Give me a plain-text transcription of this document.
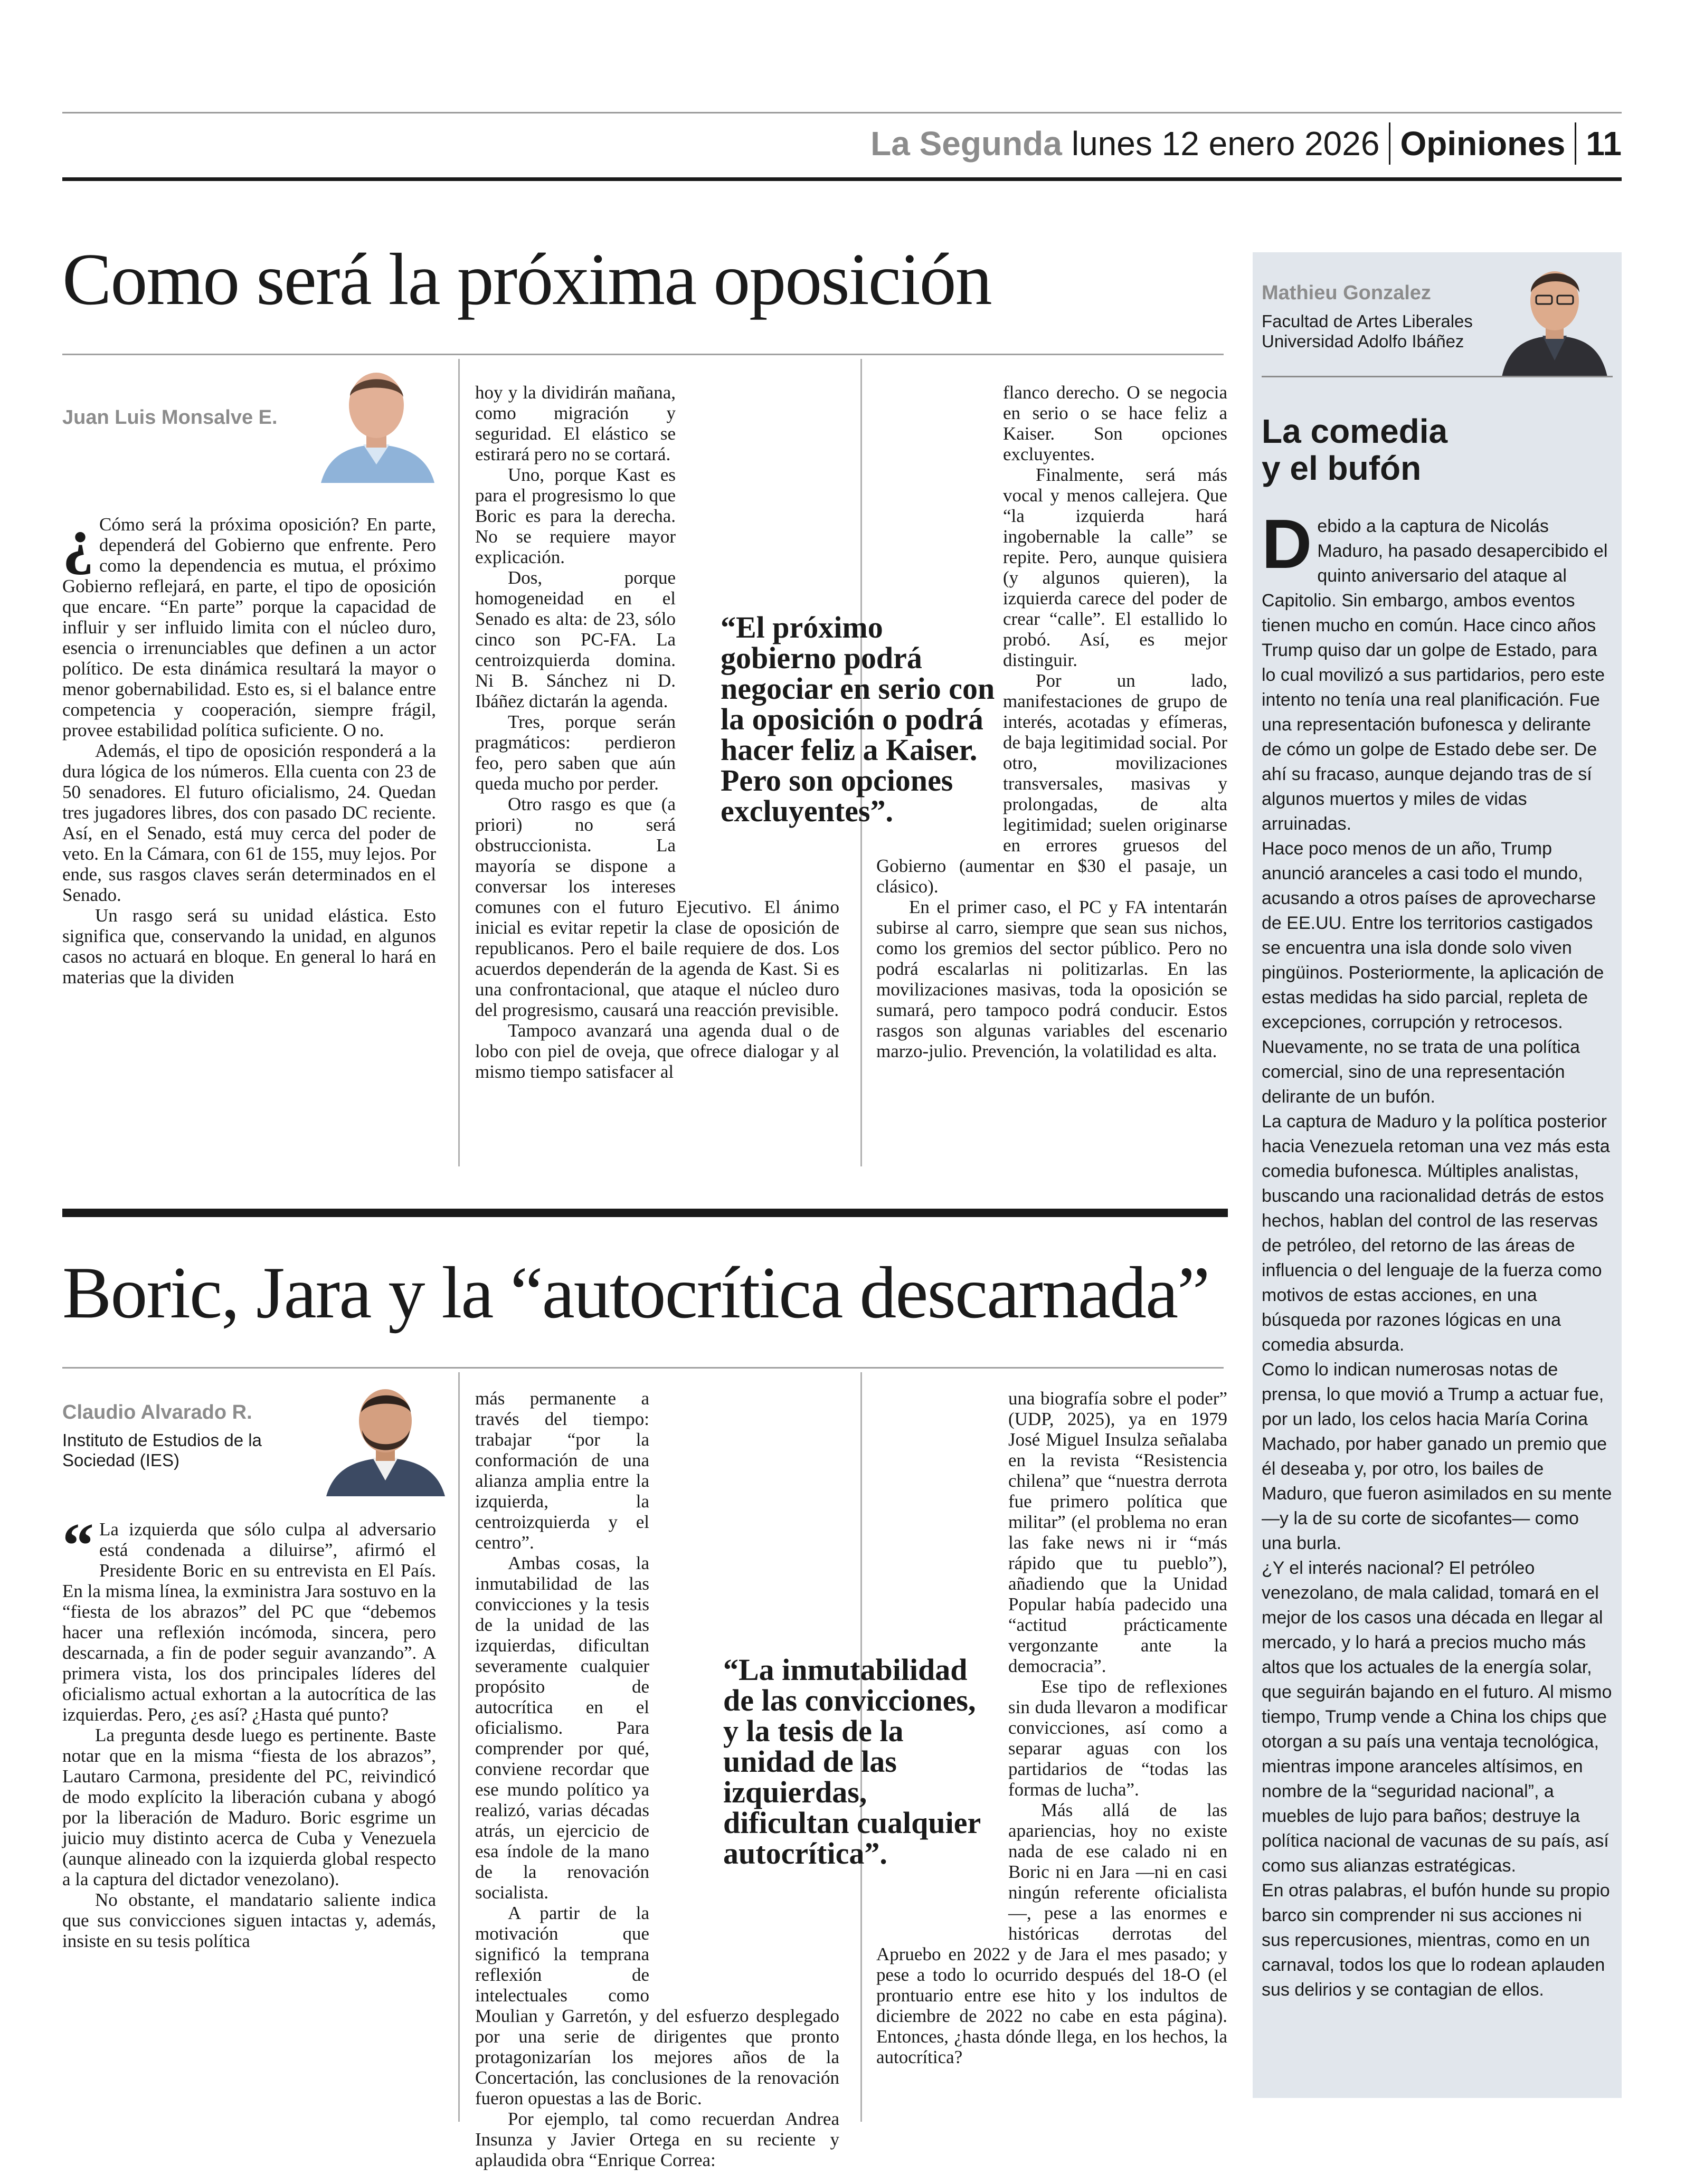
La Segunda lunes 12 enero 2026 Opiniones 11
Como será la próxima oposición
Juan Luis Monsalve E.
¿ Cómo será la próxima oposición? En parte, dependerá del Gobierno que enfrente. Pero como la dependencia es mutua, el próximo Gobierno reflejará, en parte, el tipo de oposición que encare. “En parte” porque la capacidad de influir y ser influido limita con el núcleo duro, esencia o irrenunciables que definen a un actor político. De esta dinámica resultará la mayor o menor gobernabilidad. Esto es, si el balance entre competencia y cooperación, siempre frágil, provee estabilidad política suficiente. O no.

Además, el tipo de oposición responderá a la dura lógica de los números. Ella cuenta con 23 de 50 senadores. El futuro oficialismo, 24. Quedan tres jugadores libres, dos con pasado DC reciente. Así, en el Senado, está muy cerca del poder de veto. En la Cámara, con 61 de 155, muy lejos. Por ende, sus rasgos claves serán determinados en el Senado.

Un rasgo será su unidad elástica. Esto significa que, conservando la unidad, en algunos casos no actuará en bloque. En general lo hará en materias que la dividen

hoy y la dividirán mañana, como migración y seguridad. El elástico se estirará pero no se cortará.

Uno, porque Kast es para el progresismo lo que Boric es para la derecha. No se requiere mayor explicación.

Dos, porque homogeneidad en el Senado es alta: de 23, sólo cinco son PC-FA. La centroizquierda domina. Ni B. Sánchez ni D. Ibáñez dictarán la agenda.

Tres, porque serán pragmáticos: perdieron feo, pero saben que aún queda mucho por perder.

Otro rasgo es que (a priori) no será obstruccionista. La mayoría se dispone a conversar los intereses comunes con el futuro Ejecutivo. El ánimo inicial es evitar repetir la clase de oposición de republicanos. Pero el baile requiere de dos. Los acuerdos dependerán de la agenda de Kast. Si es una confrontacional, que ataque el núcleo duro del progresismo, causará una reacción previsible.

Tampoco avanzará una agenda dual o de lobo con piel de oveja, que ofrece dialogar y al mismo tiempo satisfacer al

flanco derecho. O se negocia en serio o se hace feliz a Kaiser. Son opciones excluyentes.

Finalmente, será más vocal y menos callejera. Que “la izquierda hará ingobernable la calle” se repite. Pero, aunque quisiera (y algunos quieren), la izquierda carece del poder de crear “calle”. El estallido lo probó. Así, es mejor distinguir.

Por un lado, manifestaciones de grupo de interés, acotadas y efímeras, de baja legitimidad social. Por otro, movilizaciones transversales, masivas y prolongadas, de alta legitimidad; suelen originarse en errores gruesos del Gobierno (aumentar en $30 el pasaje, un clásico).

En el primer caso, el PC y FA intentarán subirse al carro, siempre que sean sus nichos, como los gremios del sector público. Pero no podrá escalarlas ni politizarlas. En las movilizaciones masivas, toda la oposición se sumará, pero tampoco podrá conducir. Estos rasgos son algunas variables del escenario marzo-julio. Prevención, la volatilidad es alta.

“El próximo gobierno podrá negociar en serio con la oposición o podrá hacer feliz a Kaiser. Pero son opciones excluyentes”.
Boric, Jara y la “autocrítica descarnada”
Claudio Alvarado R.
Instituto de Estudios de la
Sociedad (IES)
“ La izquierda que sólo culpa al adversario está condenada a diluirse”, afirmó el Presidente Boric en su entrevista en El País. En la misma línea, la exministra Jara sostuvo en la “fiesta de los abrazos” del PC que “debemos hacer una reflexión incómoda, sincera, pero descarnada, a fin de poder seguir avanzando”. A primera vista, los dos principales líderes del oficialismo actual exhortan a la autocrítica de las izquierdas. Pero, ¿es así? ¿Hasta qué punto?

La pregunta desde luego es pertinente. Baste notar que en la misma “fiesta de los abrazos”, Lautaro Carmona, presidente del PC, reivindicó de modo explícito la liberación cubana y abogó por la liberación de Maduro. Boric esgrime un juicio muy distinto acerca de Cuba y Venezuela (aunque alineado con la izquierda global respecto a la captura del dictador venezolano).

No obstante, el mandatario saliente indica que sus convicciones siguen intactas y, además, insiste en su tesis política

más permanente a través del tiempo: trabajar “por la conformación de una alianza amplia entre la izquierda, la centroizquierda y el centro”.

Ambas cosas, la inmutabilidad de las convicciones y la tesis de la unidad de las izquierdas, dificultan severamente cualquier propósito de autocrítica en el oficialismo. Para comprender por qué, conviene recordar que ese mundo político ya realizó, varias décadas atrás, un ejercicio de esa índole de la mano de la renovación socialista.

A partir de la motivación que significó la temprana reflexión de intelectuales como Moulian y Garretón, y del esfuerzo desplegado por una serie de dirigentes que pronto protagonizarían los mejores años de la Concertación, las conclusiones de la renovación fueron opuestas a las de Boric.

Por ejemplo, tal como recuerdan Andrea Insunza y Javier Ortega en su reciente y aplaudida obra “Enrique Correa:

una biografía sobre el poder” (UDP, 2025), ya en 1979 José Miguel Insulza señalaba en la revista “Resistencia chilena” que “nuestra derrota fue primero política que militar” (el problema no eran las fake news ni ir “más rápido que tu pueblo”), añadiendo que la Unidad Popular había padecido una “actitud prácticamente vergonzante ante la democracia”.

Ese tipo de reflexiones sin duda llevaron a modificar convicciones, así como a separar aguas con los partidarios de “todas las formas de lucha”.

Más allá de las apariencias, hoy no existe nada de ese calado ni en Boric ni en Jara —ni en casi ningún referente oficialista—, pese a las enormes e históricas derrotas del Apruebo en 2022 y de Jara el mes pasado; y pese a todo lo ocurrido después del 18-O (el prontuario entre ese hito y los indultos de diciembre de 2022 no cabe en esta página). Entonces, ¿hasta dónde llega, en los hechos, la autocrítica?

“La inmutabilidad de las convicciones, y la tesis de la unidad de las izquierdas, dificultan cualquier autocrítica”.
Mathieu Gonzalez
Facultad de Artes Liberales
Universidad Adolfo Ibáñez
La comedia
y el bufón
D ebido a la captura de Nicolás Maduro, ha pasado desapercibido el quinto aniversario del ataque al Capitolio. Sin embargo, ambos eventos tienen mucho en común. Hace cinco años Trump quiso dar un golpe de Estado, para lo cual movilizó a sus partidarios, pero este intento no tenía una real planificación. Fue una representación bufonesca y delirante de cómo un golpe de Estado debe ser. De ahí su fracaso, aunque dejando tras de sí algunos muertos y miles de vidas arruinadas.

Hace poco menos de un año, Trump anunció aranceles a casi todo el mundo, acusando a otros países de aprovecharse de EE.UU. Entre los territorios castigados se encuentra una isla donde solo viven pingüinos. Posteriormente, la aplicación de estas medidas ha sido parcial, repleta de excepciones, corrupción y retrocesos. Nuevamente, no se trata de una política comercial, sino de una representación delirante de un bufón.

La captura de Maduro y la política posterior hacia Venezuela retoman una vez más esta comedia bufonesca. Múltiples analistas, buscando una racionalidad detrás de estos hechos, hablan del control de las reservas de petróleo, del retorno de las áreas de influencia o del lenguaje de la fuerza como motivos de estas acciones, en una búsqueda por razones lógicas en una comedia absurda.

Como lo indican numerosas notas de prensa, lo que movió a Trump a actuar fue, por un lado, los celos hacia María Corina Machado, por haber ganado un premio que él deseaba y, por otro, los bailes de Maduro, que fueron asimilados en su mente —y la de su corte de sicofantes— como una burla.

¿Y el interés nacional? El petróleo venezolano, de mala calidad, tomará en el mejor de los casos una década en llegar al mercado, y lo hará a precios mucho más altos que los actuales de la energía solar, que seguirán bajando en el futuro. Al mismo tiempo, Trump vende a China los chips que otorgan a su país una ventaja tecnológica, mientras impone aranceles altísimos, en nombre de la “seguridad nacional”, a muebles de lujo para baños; destruye la política nacional de vacunas de su país, así como sus alianzas estratégicas.

En otras palabras, el bufón hunde su propio barco sin comprender ni sus acciones ni sus repercusiones, mientras, como en un carnaval, todos los que lo rodean aplauden sus delirios y se contagian de ellos.
